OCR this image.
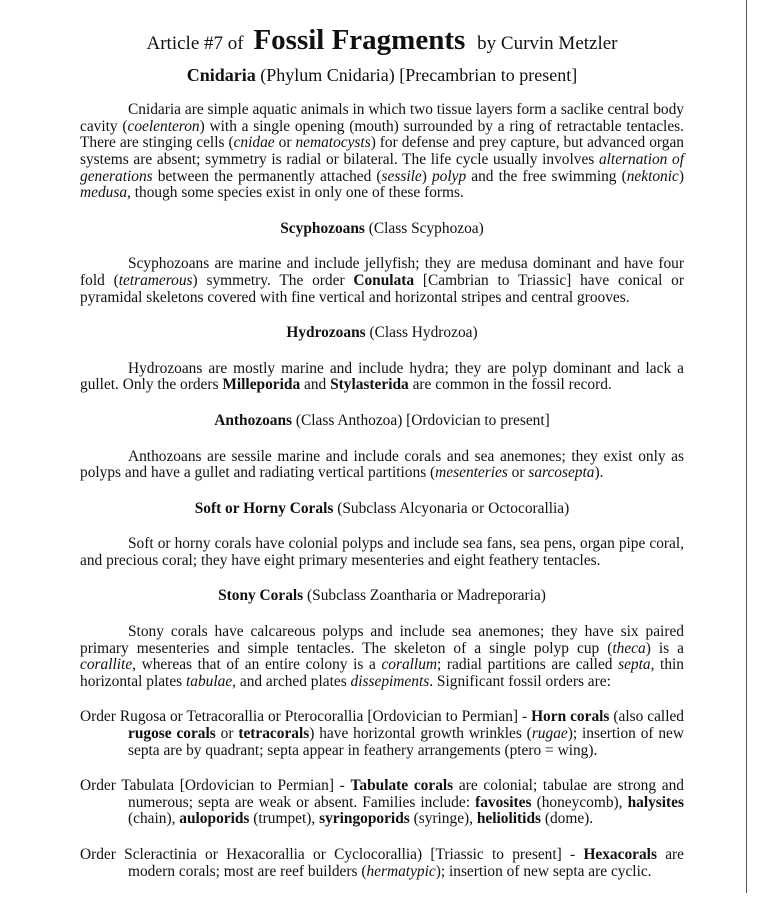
Article #7 of Fossil Fragments by Curvin Metzler
Cnidaria (Phylum Cnidaria) [Precambrian to present]

Cnidaria are simple aquatic animals in which two tissue layers form a saclike central body cavity (coelenteron) with a single opening (mouth) surrounded by a ring of retractable tentacles. There are stinging cells (cnidae or nematocysts) for defense and prey capture, but advanced organ systems are absent; symmetry is radial or bilateral. The life cycle usually involves alternation of generations between the permanently attached (sessile) polyp and the free swimming (nektonic) medusa, though some species exist in only one of these forms.

Scyphozoans (Class Scyphozoa)

Scyphozoans are marine and include jellyfish; they are medusa dominant and have four fold (tetramerous) symmetry. The order Conulata [Cambrian to Triassic] have conical or pyramidal skeletons covered with fine vertical and horizontal stripes and central grooves.

Hydrozoans (Class Hydrozoa)

Hydrozoans are mostly marine and include hydra; they are polyp dominant and lack a gullet. Only the orders Milleporida and Stylasterida are common in the fossil record.

Anthozoans (Class Anthozoa) [Ordovician to present]

Anthozoans are sessile marine and include corals and sea anemones; they exist only as polyps and have a gullet and radiating vertical partitions (mesenteries or sarcosepta).

Soft or Horny Corals (Subclass Alcyonaria or Octocorallia)

Soft or horny corals have colonial polyps and include sea fans, sea pens, organ pipe coral, and precious coral; they have eight primary mesenteries and eight feathery tentacles.

Stony Corals (Subclass Zoantharia or Madreporaria)

Stony corals have calcareous polyps and include sea anemones; they have six paired primary mesenteries and simple tentacles. The skeleton of a single polyp cup (theca) is a corallite, whereas that of an entire colony is a corallum; radial partitions are called septa, thin horizontal plates tabulae, and arched plates dissepiments. Significant fossil orders are:

Order Rugosa or Tetracorallia or Pterocorallia [Ordovician to Permian] - Horn corals (also called rugose corals or tetracorals) have horizontal growth wrinkles (rugae); insertion of new septa are by quadrant; septa appear in feathery arrangements (ptero = wing).
Order Tabulata [Ordovician to Permian] - Tabulate corals are colonial; tabulae are strong and numerous; septa are weak or absent. Families include: favosites (honeycomb), halysites (chain), auloporids (trumpet), syringoporids (syringe), heliolitids (dome).
Order Scleractinia or Hexacorallia or Cyclocorallia) [Triassic to present] - Hexacorals are modern corals; most are reef builders (hermatypic); insertion of new septa are cyclic.
